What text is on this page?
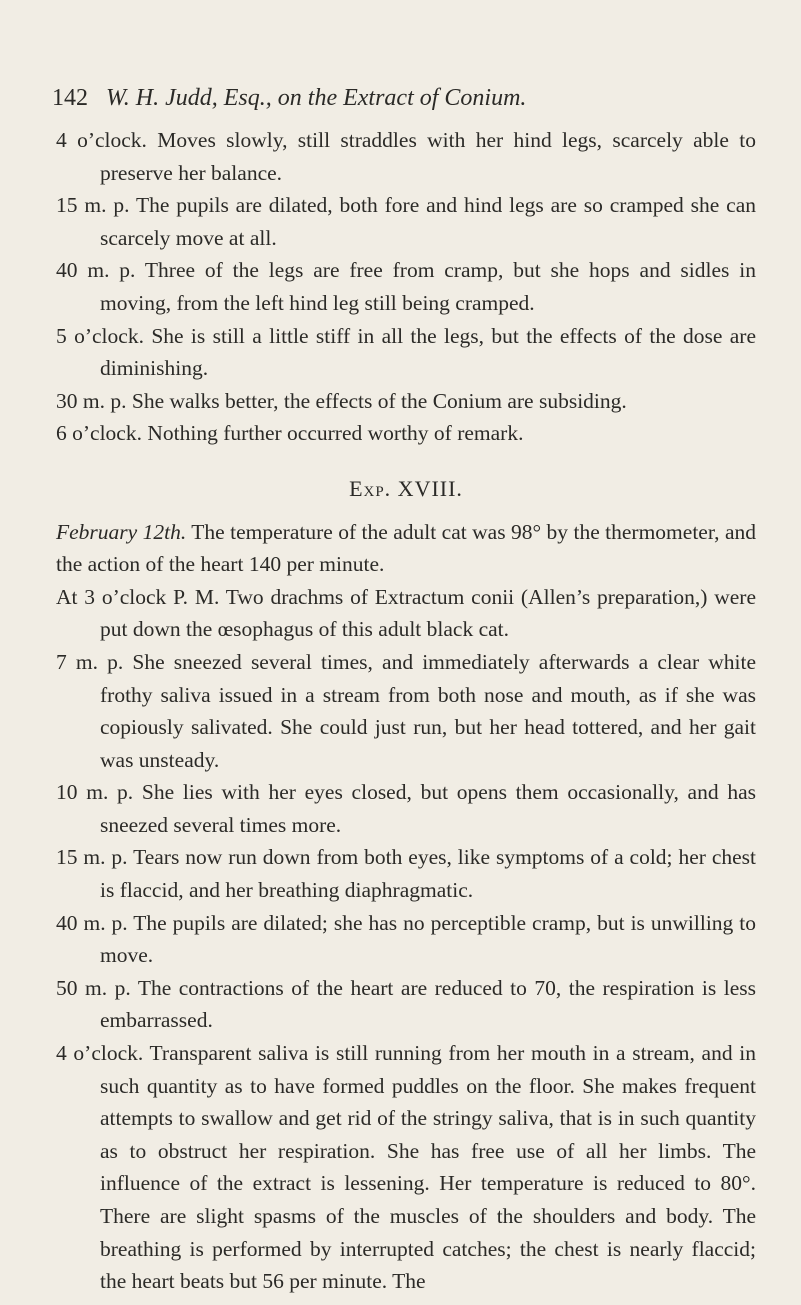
142 W. H. Judd, Esq., on the Extract of Conium.

4 o’clock. Moves slowly, still straddles with her hind legs, scarcely able to preserve her balance.

15 m. p. The pupils are dilated, both fore and hind legs are so cramped she can scarcely move at all.

40 m. p. Three of the legs are free from cramp, but she hops and sidles in moving, from the left hind leg still being cramped.

5 o’clock. She is still a little stiff in all the legs, but the effects of the dose are diminishing.

30 m. p. She walks better, the effects of the Conium are subsiding.

6 o’clock. Nothing further occurred worthy of remark.

Exp. XVIII.

February 12th. The temperature of the adult cat was 98° by the thermometer, and the action of the heart 140 per minute.

At 3 o’clock P. M. Two drachms of Extractum conii (Allen’s preparation,) were put down the œsophagus of this adult black cat.

7 m. p. She sneezed several times, and immediately afterwards a clear white frothy saliva issued in a stream from both nose and mouth, as if she was copiously salivated. She could just run, but her head tottered, and her gait was unsteady.

10 m. p. She lies with her eyes closed, but opens them occasionally, and has sneezed several times more.

15 m. p. Tears now run down from both eyes, like symptoms of a cold; her chest is flaccid, and her breathing diaphragmatic.

40 m. p. The pupils are dilated; she has no perceptible cramp, but is unwilling to move.

50 m. p. The contractions of the heart are reduced to 70, the respiration is less embarrassed.

4 o’clock. Transparent saliva is still running from her mouth in a stream, and in such quantity as to have formed puddles on the floor. She makes frequent attempts to swallow and get rid of the stringy saliva, that is in such quantity as to obstruct her respiration. She has free use of all her limbs. The influence of the extract is lessening. Her temperature is reduced to 80°. There are slight spasms of the muscles of the shoulders and body. The breathing is performed by interrupted catches; the chest is nearly flaccid; the heart beats but 56 per minute. The
